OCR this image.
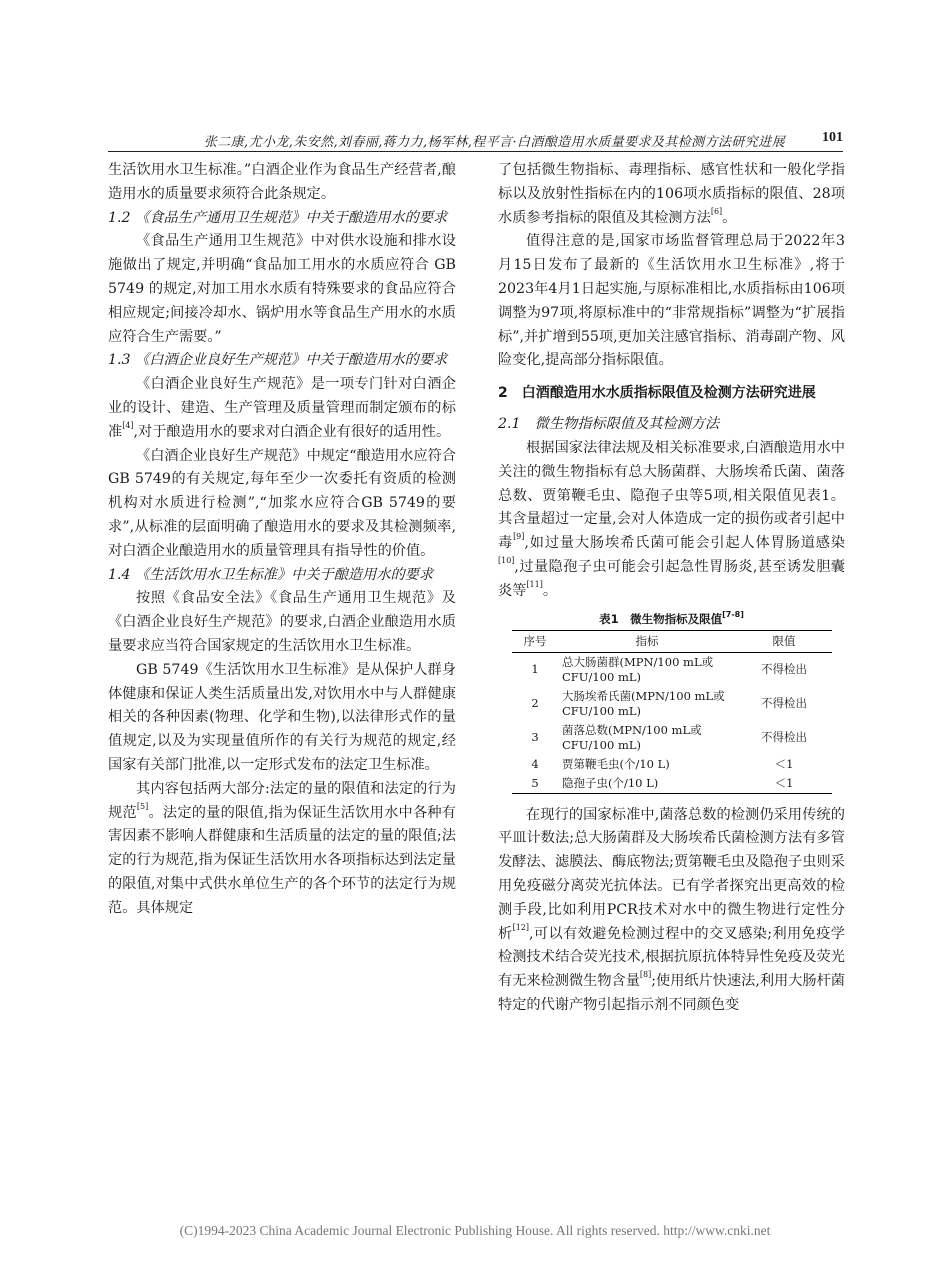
张二康,尤小龙,朱安然,刘春丽,蒋力力,杨军林,程平言·白酒酿造用水质量要求及其检测方法研究进展	101

生活饮用水卫生标准。”白酒企业作为食品生产经营者,酿造用水的质量要求须符合此条规定。

1.2 《食品生产通用卫生规范》中关于酿造用水的要求

《食品生产通用卫生规范》中对供水设施和排水设施做出了规定,并明确“食品加工用水的水质应符合 GB 5749 的规定,对加工用水水质有特殊要求的食品应符合相应规定;间接冷却水、锅炉用水等食品生产用水的水质应符合生产需要。”

1.3 《白酒企业良好生产规范》中关于酿造用水的要求

《白酒企业良好生产规范》是一项专门针对白酒企业的设计、建造、生产管理及质量管理而制定颁布的标准[4],对于酿造用水的要求对白酒企业有很好的适用性。

《白酒企业良好生产规范》中规定“酿造用水应符合GB 5749的有关规定,每年至少一次委托有资质的检测机构对水质进行检测”,“加浆水应符合GB 5749的要求”,从标准的层面明确了酿造用水的要求及其检测频率,对白酒企业酿造用水的质量管理具有指导性的价值。

1.4 《生活饮用水卫生标准》中关于酿造用水的要求

按照《食品安全法》《食品生产通用卫生规范》及《白酒企业良好生产规范》的要求,白酒企业酿造用水质量要求应当符合国家规定的生活饮用水卫生标准。

GB 5749《生活饮用水卫生标准》是从保护人群身体健康和保证人类生活质量出发,对饮用水中与人群健康相关的各种因素(物理、化学和生物),以法律形式作的量值规定,以及为实现量值所作的有关行为规范的规定,经国家有关部门批准,以一定形式发布的法定卫生标准。

其内容包括两大部分:法定的量的限值和法定的行为规范[5]。法定的量的限值,指为保证生活饮用水中各种有害因素不影响人群健康和生活质量的法定的量的限值;法定的行为规范,指为保证生活饮用水各项指标达到法定量的限值,对集中式供水单位生产的各个环节的法定行为规范。具体规定

了包括微生物指标、毒理指标、感官性状和一般化学指标以及放射性指标在内的106项水质指标的限值、28项水质参考指标的限值及其检测方法[6]。

值得注意的是,国家市场监督管理总局于2022年3月15日发布了最新的《生活饮用水卫生标准》,将于2023年4月1日起实施,与原标准相比,水质指标由106项调整为97项,将原标准中的“非常规指标”调整为“扩展指标”,并扩增到55项,更加关注感官指标、消毒副产物、风险变化,提高部分指标限值。

2　白酒酿造用水水质指标限值及检测方法研究进展

2.1　微生物指标限值及其检测方法

根据国家法律法规及相关标准要求,白酒酿造用水中关注的微生物指标有总大肠菌群、大肠埃希氏菌、菌落总数、贾第鞭毛虫、隐孢子虫等5项,相关限值见表1。其含量超过一定量,会对人体造成一定的损伤或者引起中毒[9],如过量大肠埃希氏菌可能会引起人体胃肠道感染[10],过量隐孢子虫可能会引起急性胃肠炎,甚至诱发胆囊炎等[11]。

表1　微生物指标及限值[7-8]
序号	指标	限值
1	总大肠菌群(MPN/100 mL或CFU/100 mL)	不得检出
2	大肠埃希氏菌(MPN/100 mL或CFU/100 mL)	不得检出
3	菌落总数(MPN/100 mL或CFU/100 mL)	不得检出
4	贾第鞭毛虫(个/10 L)	＜1
5	隐孢子虫(个/10 L)	＜1

在现行的国家标准中,菌落总数的检测仍采用传统的平皿计数法;总大肠菌群及大肠埃希氏菌检测方法有多管发酵法、滤膜法、酶底物法;贾第鞭毛虫及隐孢子虫则采用免疫磁分离荧光抗体法。已有学者探究出更高效的检测手段,比如利用PCR技术对水中的微生物进行定性分析[12],可以有效避免检测过程中的交叉感染;利用免疫学检测技术结合荧光技术,根据抗原抗体特异性免疫及荧光有无来检测微生物含量[8];使用纸片快速法,利用大肠杆菌特定的代谢产物引起指示剂不同颜色变

(C)1994-2023 China Academic Journal Electronic Publishing House. All rights reserved. http://www.cnki.net
